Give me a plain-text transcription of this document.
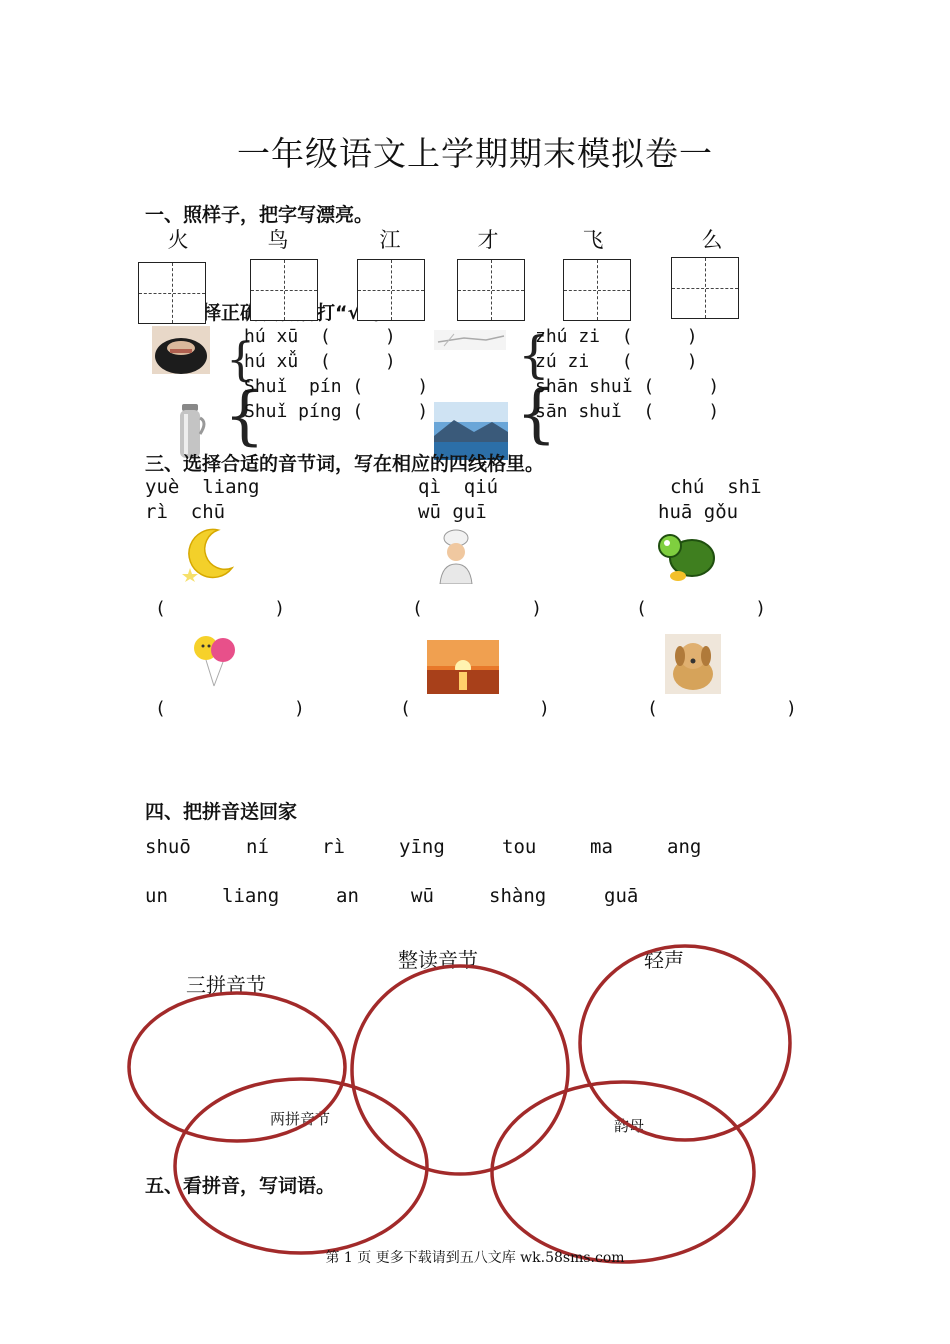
一年级语文上学期期末模拟卷一
一、照样子，把字写漂亮。
火	鸟	江	才	飞	么
{
{
{
{
hú xū  (     )
hú xǚ  (     )
Shuǐ  pín (     )
Shuǐ píng (     )
zhú zi  (     )
zú zi   (     )
shān shuǐ (     )
sān shuǐ  (     )
三、选择合适的音节词，写在相应的四线格里。
yuè  liang	qì  qiú	chú  shī
rì  chū	wū guī	huā gǒu
(          )	(          )	(          )
(          )	(          )	(          )
四、把拼音送回家
shuō	ní	rì	yīng	tou	ma	ang
un	liang	an	wū	shàng	guā
三拼音节
整读音节	轻声
两拼音节	韵母
五、看拼音，写词语。
第 1 页 更多下载请到五八文库 wk.58sms.com
